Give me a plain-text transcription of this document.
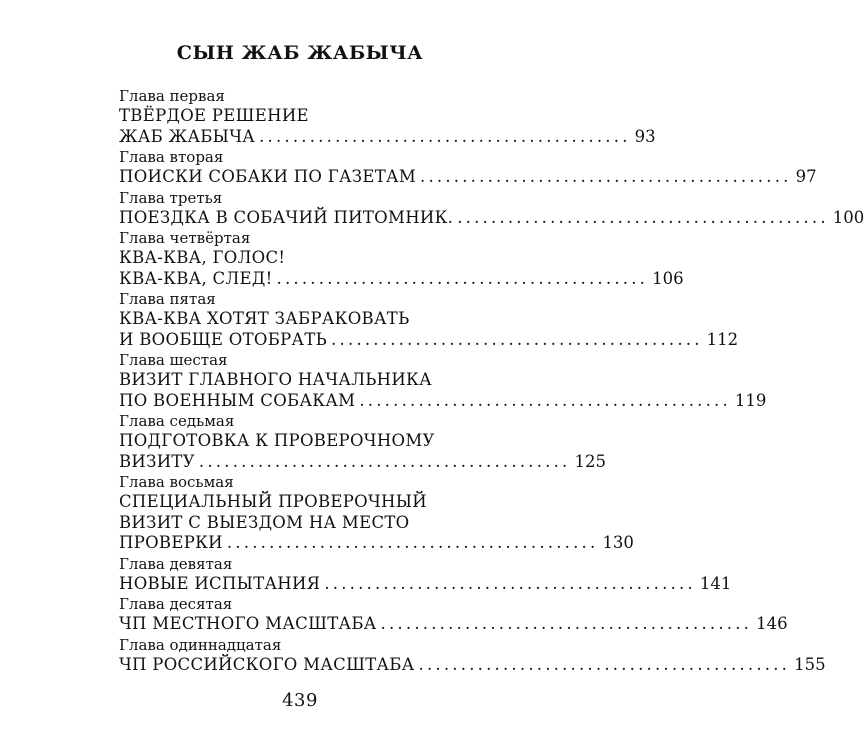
СЫН ЖАБ ЖАБЫЧА
Глава первая
ТВЁРДОЕ РЕШЕНИЕ
ЖАБ ЖАБЫЧА ............................................ 93
Глава вторая
ПОИСКИ СОБАКИ ПО ГАЗЕТАМ ............................................ 97
Глава третья
ПОЕЗДКА В СОБАЧИЙ ПИТОМНИК. ............................................ 100
Глава четвёртая
КВА-КВА, ГОЛОС!
КВА-КВА, СЛЕД! ............................................ 106
Глава пятая
КВА-КВА ХОТЯТ ЗАБРАКОВАТЬ
И ВООБЩЕ ОТОБРАТЬ ............................................ 112
Глава шестая
ВИЗИТ ГЛАВНОГО НАЧАЛЬНИКА
ПО ВОЕННЫМ СОБАКАМ ............................................ 119
Глава седьмая
ПОДГОТОВКА К ПРОВЕРОЧНОМУ
ВИЗИТУ ............................................ 125
Глава восьмая
СПЕЦИАЛЬНЫЙ ПРОВЕРОЧНЫЙ
ВИЗИТ С ВЫЕЗДОМ НА МЕСТО
ПРОВЕРКИ ............................................ 130
Глава девятая
НОВЫЕ ИСПЫТАНИЯ ............................................ 141
Глава десятая
ЧП МЕСТНОГО МАСШТАБА ............................................ 146
Глава одиннадцатая
ЧП РОССИЙСКОГО МАСШТАБА ............................................ 155
439
